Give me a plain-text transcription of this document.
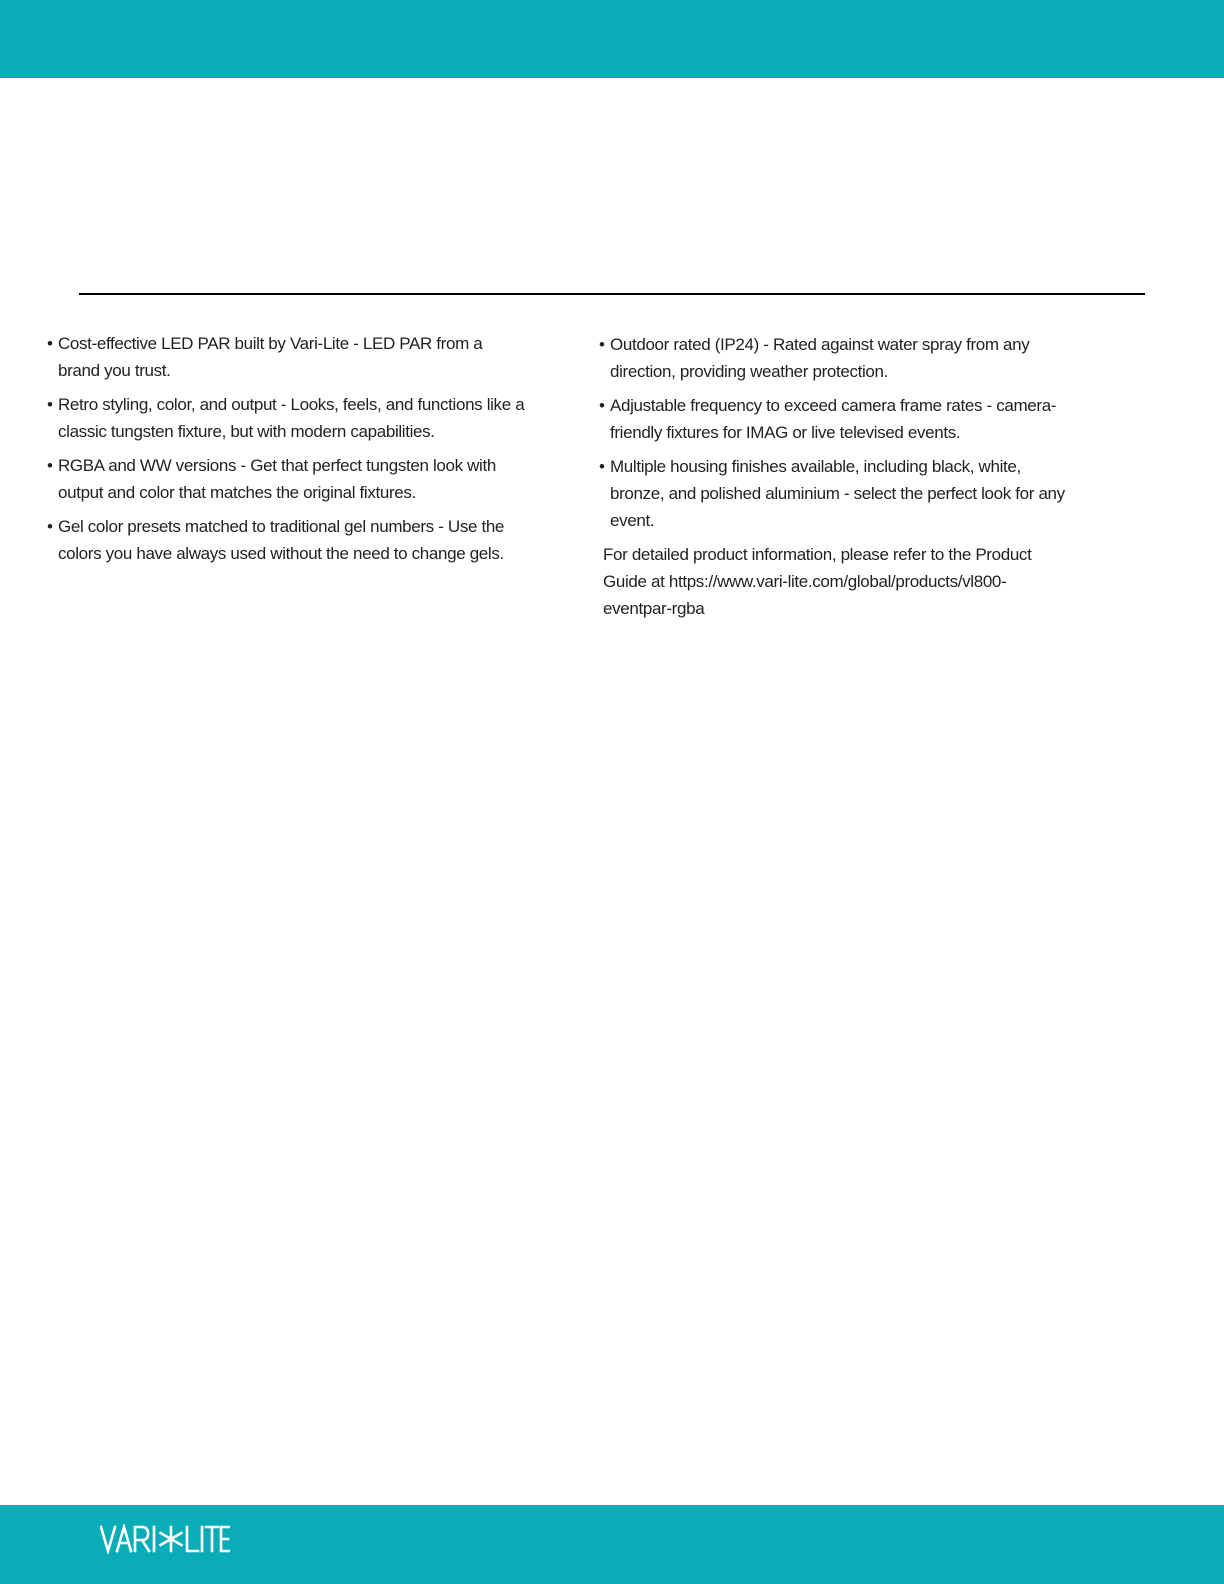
• Cost-effective LED PAR built by Vari-Lite - LED PAR from a brand you trust.

• Retro styling, color, and output - Looks, feels, and functions like a classic tungsten fixture, but with modern capabilities.

• RGBA and WW versions - Get that perfect tungsten look with output and color that matches the original fixtures.

• Gel color presets matched to traditional gel numbers - Use the colors you have always used without the need to change gels.

• Outdoor rated (IP24) - Rated against water spray from any direction, providing weather protection.

• Adjustable frequency to exceed camera frame rates - camera-friendly fixtures for IMAG or live televised events.

• Multiple housing finishes available, including black, white, bronze, and polished aluminium - select the perfect look for any event.

For detailed product information, please refer to the Product Guide at https://www.vari-lite.com/global/products/vl800-eventpar-rgba
